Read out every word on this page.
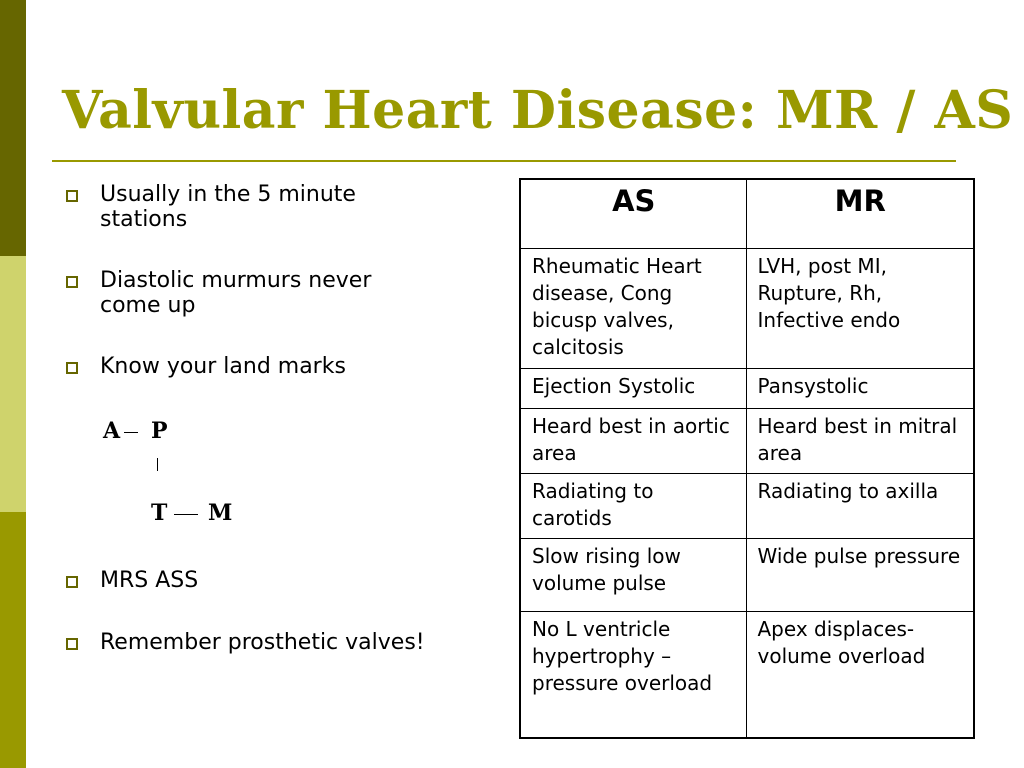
Valvular Heart Disease: MR / AS
Usually in the 5 minute
stations
Diastolic murmurs never
come up
Know your land marks
MRS ASS
Remember prosthetic valves!
A P
T M
AS	MR
Rheumatic Heart disease, Cong bicusp valves, calcitosis	LVH, post MI, Rupture, Rh, Infective endo
Ejection Systolic	Pansystolic
Heard best in aortic area	Heard best in mitral area
Radiating to carotids	Radiating to axilla
Slow rising low volume pulse	Wide pulse pressure
No L ventricle hypertrophy – pressure overload	Apex displaces- volume overload
